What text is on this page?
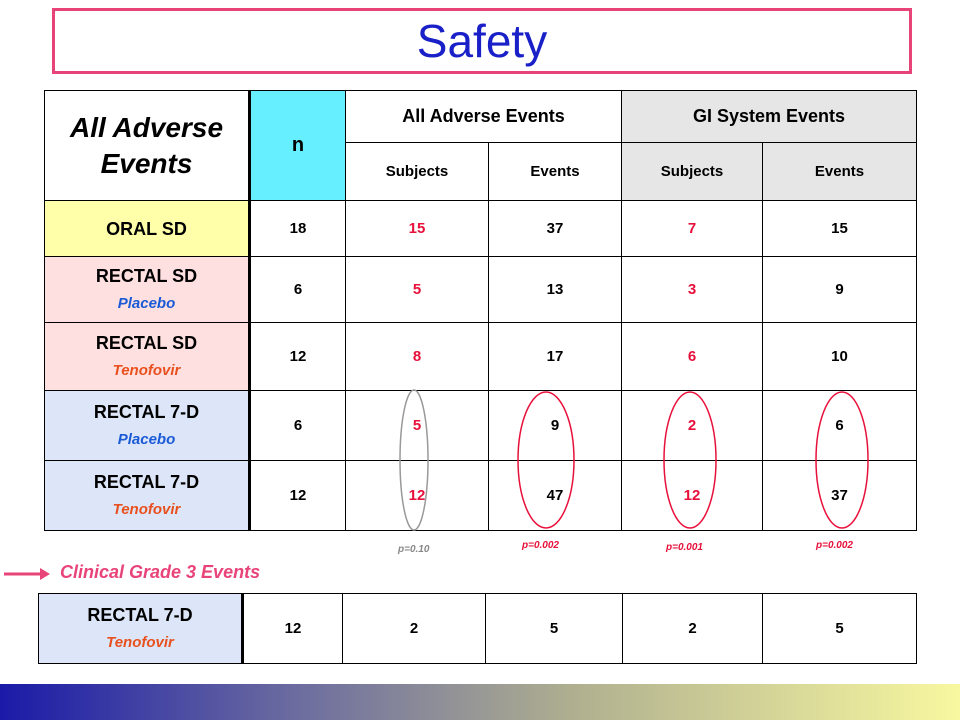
Safety
All Adverse Events	n	All Adverse Events		GI System Events	
		Subjects	Events	Subjects	Events

ORAL SD	18	15	37	7	15

RECTAL SD
Placebo	6	5	13	3	9

RECTAL SD
Tenofovir	12	8	17	6	10

RECTAL 7-D
Placebo	6	5	9	2	6

RECTAL 7-D
Tenofovir	12	12	47	12	37
p=0.10	p=0.002	p=0.001	p=0.002
Clinical Grade 3 Events
RECTAL 7-D
Tenofovir
	12	2	5	2	5
